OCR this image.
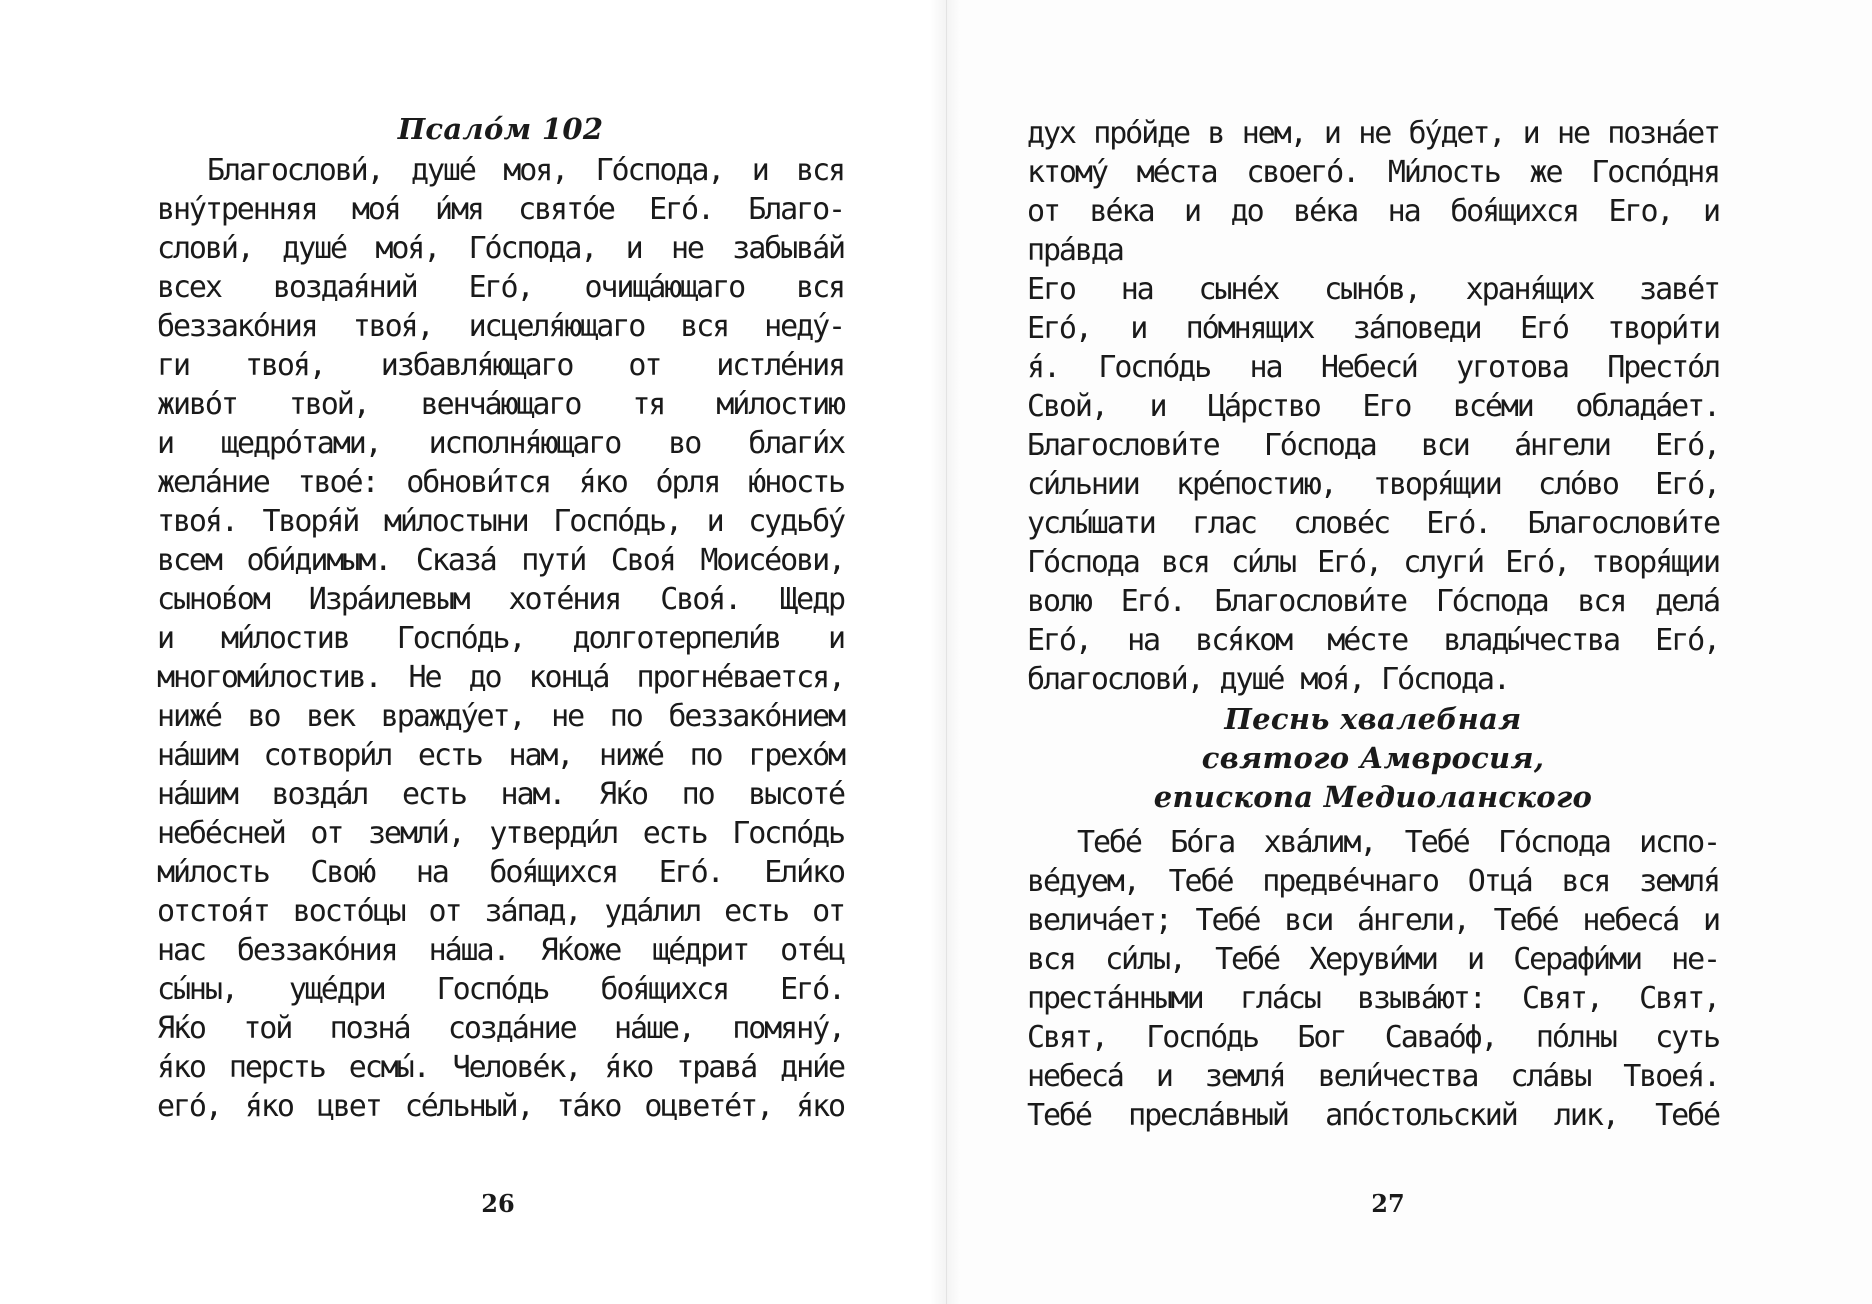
Псало́м 102

Благослови́, душе́ моя, Го́спода, и вся
вну́тренняя моя́ и́мя свято́е Его́. Благо-
слови́, душе́ моя́, Го́спода, и не забыва́й
всех воздая́ний Его́, очища́ющаго вся
беззако́ния твоя́, исцеля́ющаго вся неду́-
ги твоя́, избавля́ющаго от истле́ния
живо́т твой, венча́ющаго тя ми́лостию
и щедро́тами, исполня́ющаго во благи́х
жела́ние твое́: обнови́тся я́ко о́рля ю́ность
твоя́. Творя́й ми́лостыни Госпо́дь, и судьбу́
всем оби́димым. Сказа́ пути́ Своя́ Моисе́ови,
сынов́ом Изра́илевым хоте́ния Своя́. Щедр
и ми́лостив Госпо́дь, долготерпели́в и
многоми́лостив. Не до конца́ прогне́вается,
ниже́ во век вражду́ет, не по беззако́нием
на́шим сотвори́л есть нам, ниже́ по грехо́м
на́шим возда́л есть нам. Я́ко по высоте́
небе́сней от земли́, утверди́л есть Госпо́дь
ми́лость Свою́ на боя́щихся Его́. Ели́ко
отстоя́т восто́цы от за́пад, уда́лил есть от
нас беззако́ния на́ша. Я́коже ще́дрит оте́ц
сы́ны, уще́дри Госпо́дь боя́щихся Его́.
Я́ко той позна́ созда́ние на́ше, помяну́,
я́ко персть есмы́. Челове́к, я́ко трава́ дни́е
его́, я́ко цвет се́льный, та́ко оцвете́т, я́ко

26

дух про́йде в нем, и не бу́дет, и не позна́ет
ктому́ ме́ста своего́. Ми́лость же Госпо́дня
от ве́ка и до ве́ка на боя́щихся Его, и пра́вда
Его на сыне́х сыно́в, храня́щих заве́т
Его́, и по́мнящих за́поведи Его́ твори́ти
я́. Госпо́дь на Небеси́ уготова Престо́л
Свой, и Ца́рство Его все́ми облада́ет.
Благослови́те Го́спода вси а́нгели Его́,
си́льнии кре́постию, творя́щии сло́во Его́,
услы́шати глас слове́с Его́. Благослови́те
Го́спода вся си́лы Его́, слуги́ Его́, творя́щии
волю Его́. Благослови́те Го́спода вся дела́
Его́, на вся́ком ме́сте влады́чества Его́,
благослови́, душе́ моя́, Го́спода.

Песнь хвалебная
святого Амвросия,
епископа Медиоланского

Тебе́ Бо́га хва́лим, Тебе́ Го́спода испо-
ве́дуем, Тебе́ предве́чнаго Отца́ вся земля́
велича́ет; Тебе́ вси а́нгели, Тебе́ небеса́ и
вся си́лы, Тебе́ Херуви́ми и Серафи́ми не-
преста́нными гла́сы взыва́ют: Свят, Свят,
Свят, Госпо́дь Бог Савао́ф, по́лны суть
небеса́ и земля́ вели́чества сла́вы Твоея́.
Тебе́ пресла́вный апо́стольский лик, Тебе́

27
